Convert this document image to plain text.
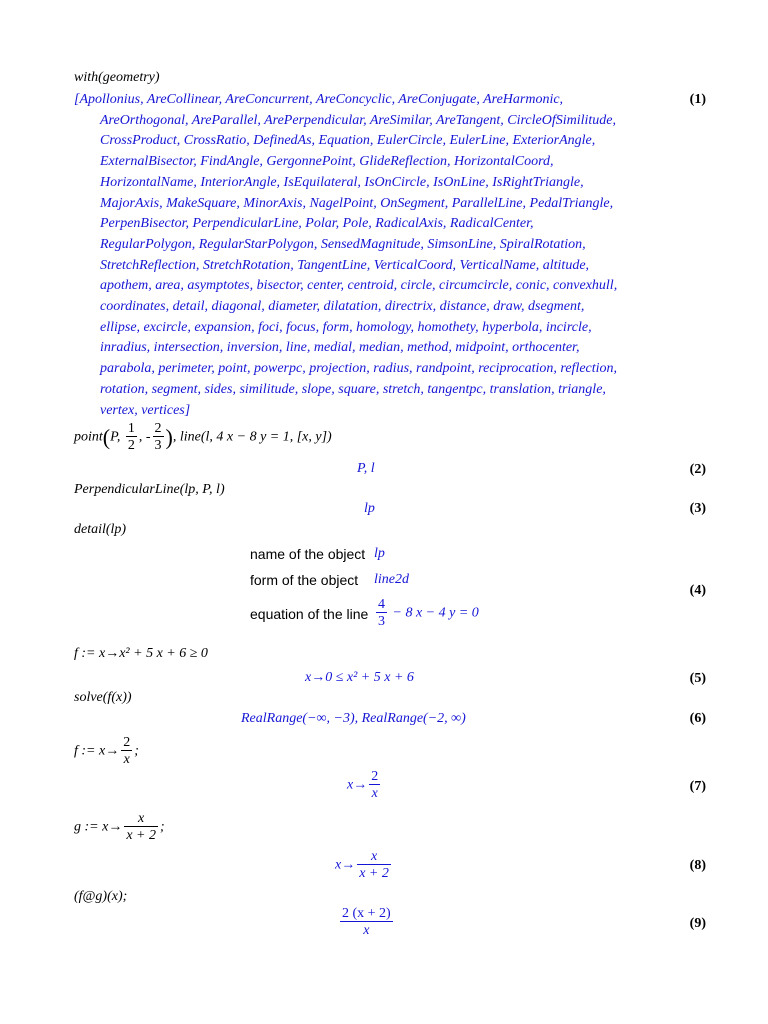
with(geometry)
[Apollonius, AreCollinear, AreConcurrent, AreConcyclic, AreConjugate, AreHarmonic,
AreOrthogonal, AreParallel, ArePerpendicular, AreSimilar, AreTangent, CircleOfSimilitude,
CrossProduct, CrossRatio, DefinedAs, Equation, EulerCircle, EulerLine, ExteriorAngle,
ExternalBisector, FindAngle, GergonnePoint, GlideReflection, HorizontalCoord,
HorizontalName, InteriorAngle, IsEquilateral, IsOnCircle, IsOnLine, IsRightTriangle,
MajorAxis, MakeSquare, MinorAxis, NagelPoint, OnSegment, ParallelLine, PedalTriangle,
PerpenBisector, PerpendicularLine, Polar, Pole, RadicalAxis, RadicalCenter,
RegularPolygon, RegularStarPolygon, SensedMagnitude, SimsonLine, SpiralRotation,
StretchReflection, StretchRotation, TangentLine, VerticalCoord, VerticalName, altitude,
apothem, area, asymptotes, bisector, center, centroid, circle, circumcircle, conic, convexhull,
coordinates, detail, diagonal, diameter, dilatation, directrix, distance, draw, dsegment,
ellipse, excircle, expansion, foci, focus, form, homology, homothety, hyperbola, incircle,
inradius, intersection, inversion, line, medial, median, method, midpoint, orthocenter,
parabola, perimeter, point, powerpc, projection, radius, randpoint, reciprocation, reflection,
rotation, segment, sides, similitude, slope, square, stretch, tangentpc, translation, triangle,
vertex, vertices]
(1)
point(P, $\frac{1}{2}$ , - $\frac{2}{3}$ ), line(l, 4 x − 8 y = 1, [x, y])
P, l	(2)
PerpendicularLine(lp, P, l)
lp	(3)
detail(lp)
name of the object lp
form of the object line2d
equation of the line $\frac{4}{3} - 8$ x − 4 y = 0
(4)
f := x→x² + 5 x + 6 ≥ 0
x→0 ≤ x² + 5 x + 6	(5)
solve(f(x))
RealRange(−∞, −3), RealRange(−2, ∞)	(6)
f := $x\to \frac{2}{x}$ ;
$x\to \frac{2}{x}$	(7)
g := $x\to \frac{x}{x + 2}$ ;
$x\to \frac{x}{x + 2}$	(8)
(f@g)(x);
$\frac{2 (x + 2)}{x}$	(9)
